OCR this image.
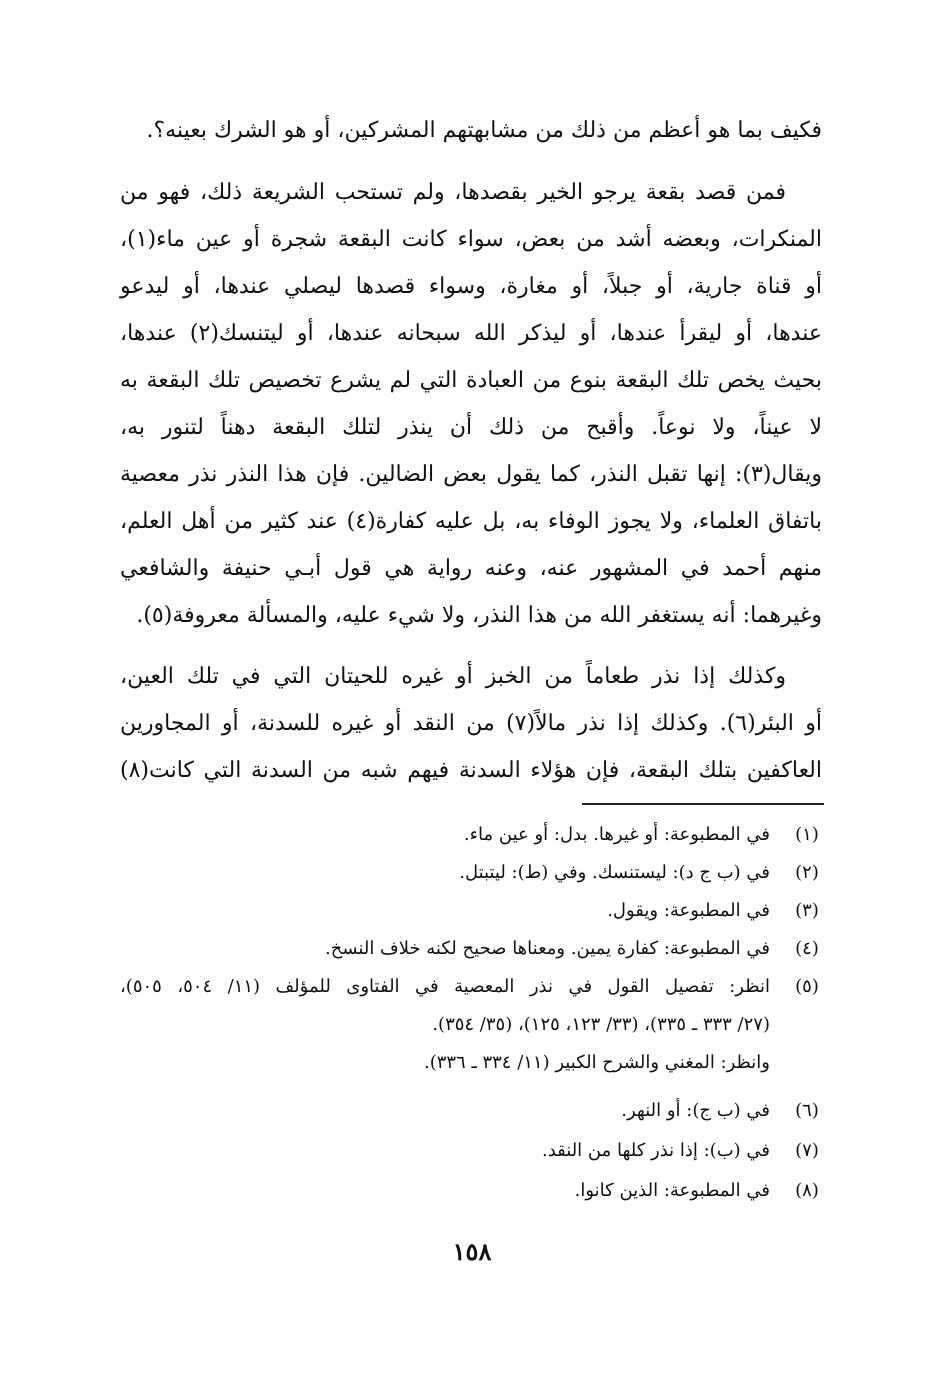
فكيف بما هو أعظم من ذلك من مشابهتهم المشركين، أو هو الشرك بعينه؟.
فمن قصد بقعة يرجو الخير بقصدها، ولم تستحب الشريعة ذلك، فهو من
المنكرات، وبعضه أشد من بعض، سواء كانت البقعة شجرة أو عين ماء(١)،
أو قناة جارية، أو جبلاً، أو مغارة، وسواء قصدها ليصلي عندها، أو ليدعو
عندها، أو ليقرأ عندها، أو ليذكر الله سبحانه عندها، أو ليتنسك(٢) عندها،
بحيث يخص تلك البقعة بنوع من العبادة التي لم يشرع تخصيص تلك البقعة به
لا عيناً، ولا نوعاً. وأقبح من ذلك أن ينذر لتلك البقعة دهناً لتنور به،
ويقال(٣): إنها تقبل النذر، كما يقول بعض الضالين. فإن هذا النذر نذر معصية
باتفاق العلماء، ولا يجوز الوفاء به، بل عليه كفارة(٤) عند كثير من أهل العلم،
منهم أحمد في المشهور عنه، وعنه رواية هي قول أبـي حنيفة والشافعي
وغيرهما: أنه يستغفر الله من هذا النذر، ولا شيء عليه، والمسألة معروفة(٥).
وكذلك إذا نذر طعاماً من الخبز أو غيره للحيتان التي في تلك العين،
أو البئر(٦). وكذلك إذا نذر مالاً(٧) من النقد أو غيره للسدنة، أو المجاورين
العاكفين بتلك البقعة، فإن هؤلاء السدنة فيهم شبه من السدنة التي كانت(٨)
(١)
في المطبوعة: أو غيرها. بدل: أو عين ماء.
(٢)
في (ب ج د): ليستنسك. وفي (ط): ليتبتل.
(٣)
في المطبوعة: ويقول.
(٤)
في المطبوعة: كفارة يمين. ومعناها صحيح لكنه خلاف النسخ.
(٥)
انظر: تفصيل القول في نذر المعصية في الفتاوى للمؤلف (١١/ ٥٠٤، ٥٠٥)،
(٢٧/ ٣٣٣ ـ ٣٣٥)، (٣٣/ ١٢٣، ١٢٥)، (٣٥/ ٣٥٤).
وانظر: المغني والشرح الكبير (١١/ ٣٣٤ ـ ٣٣٦).
(٦)
في (ب ج): أو النهر.
(٧)
في (ب): إذا نذر كلها من النقد.
(٨)
في المطبوعة: الذين كانوا.
١٥٨
